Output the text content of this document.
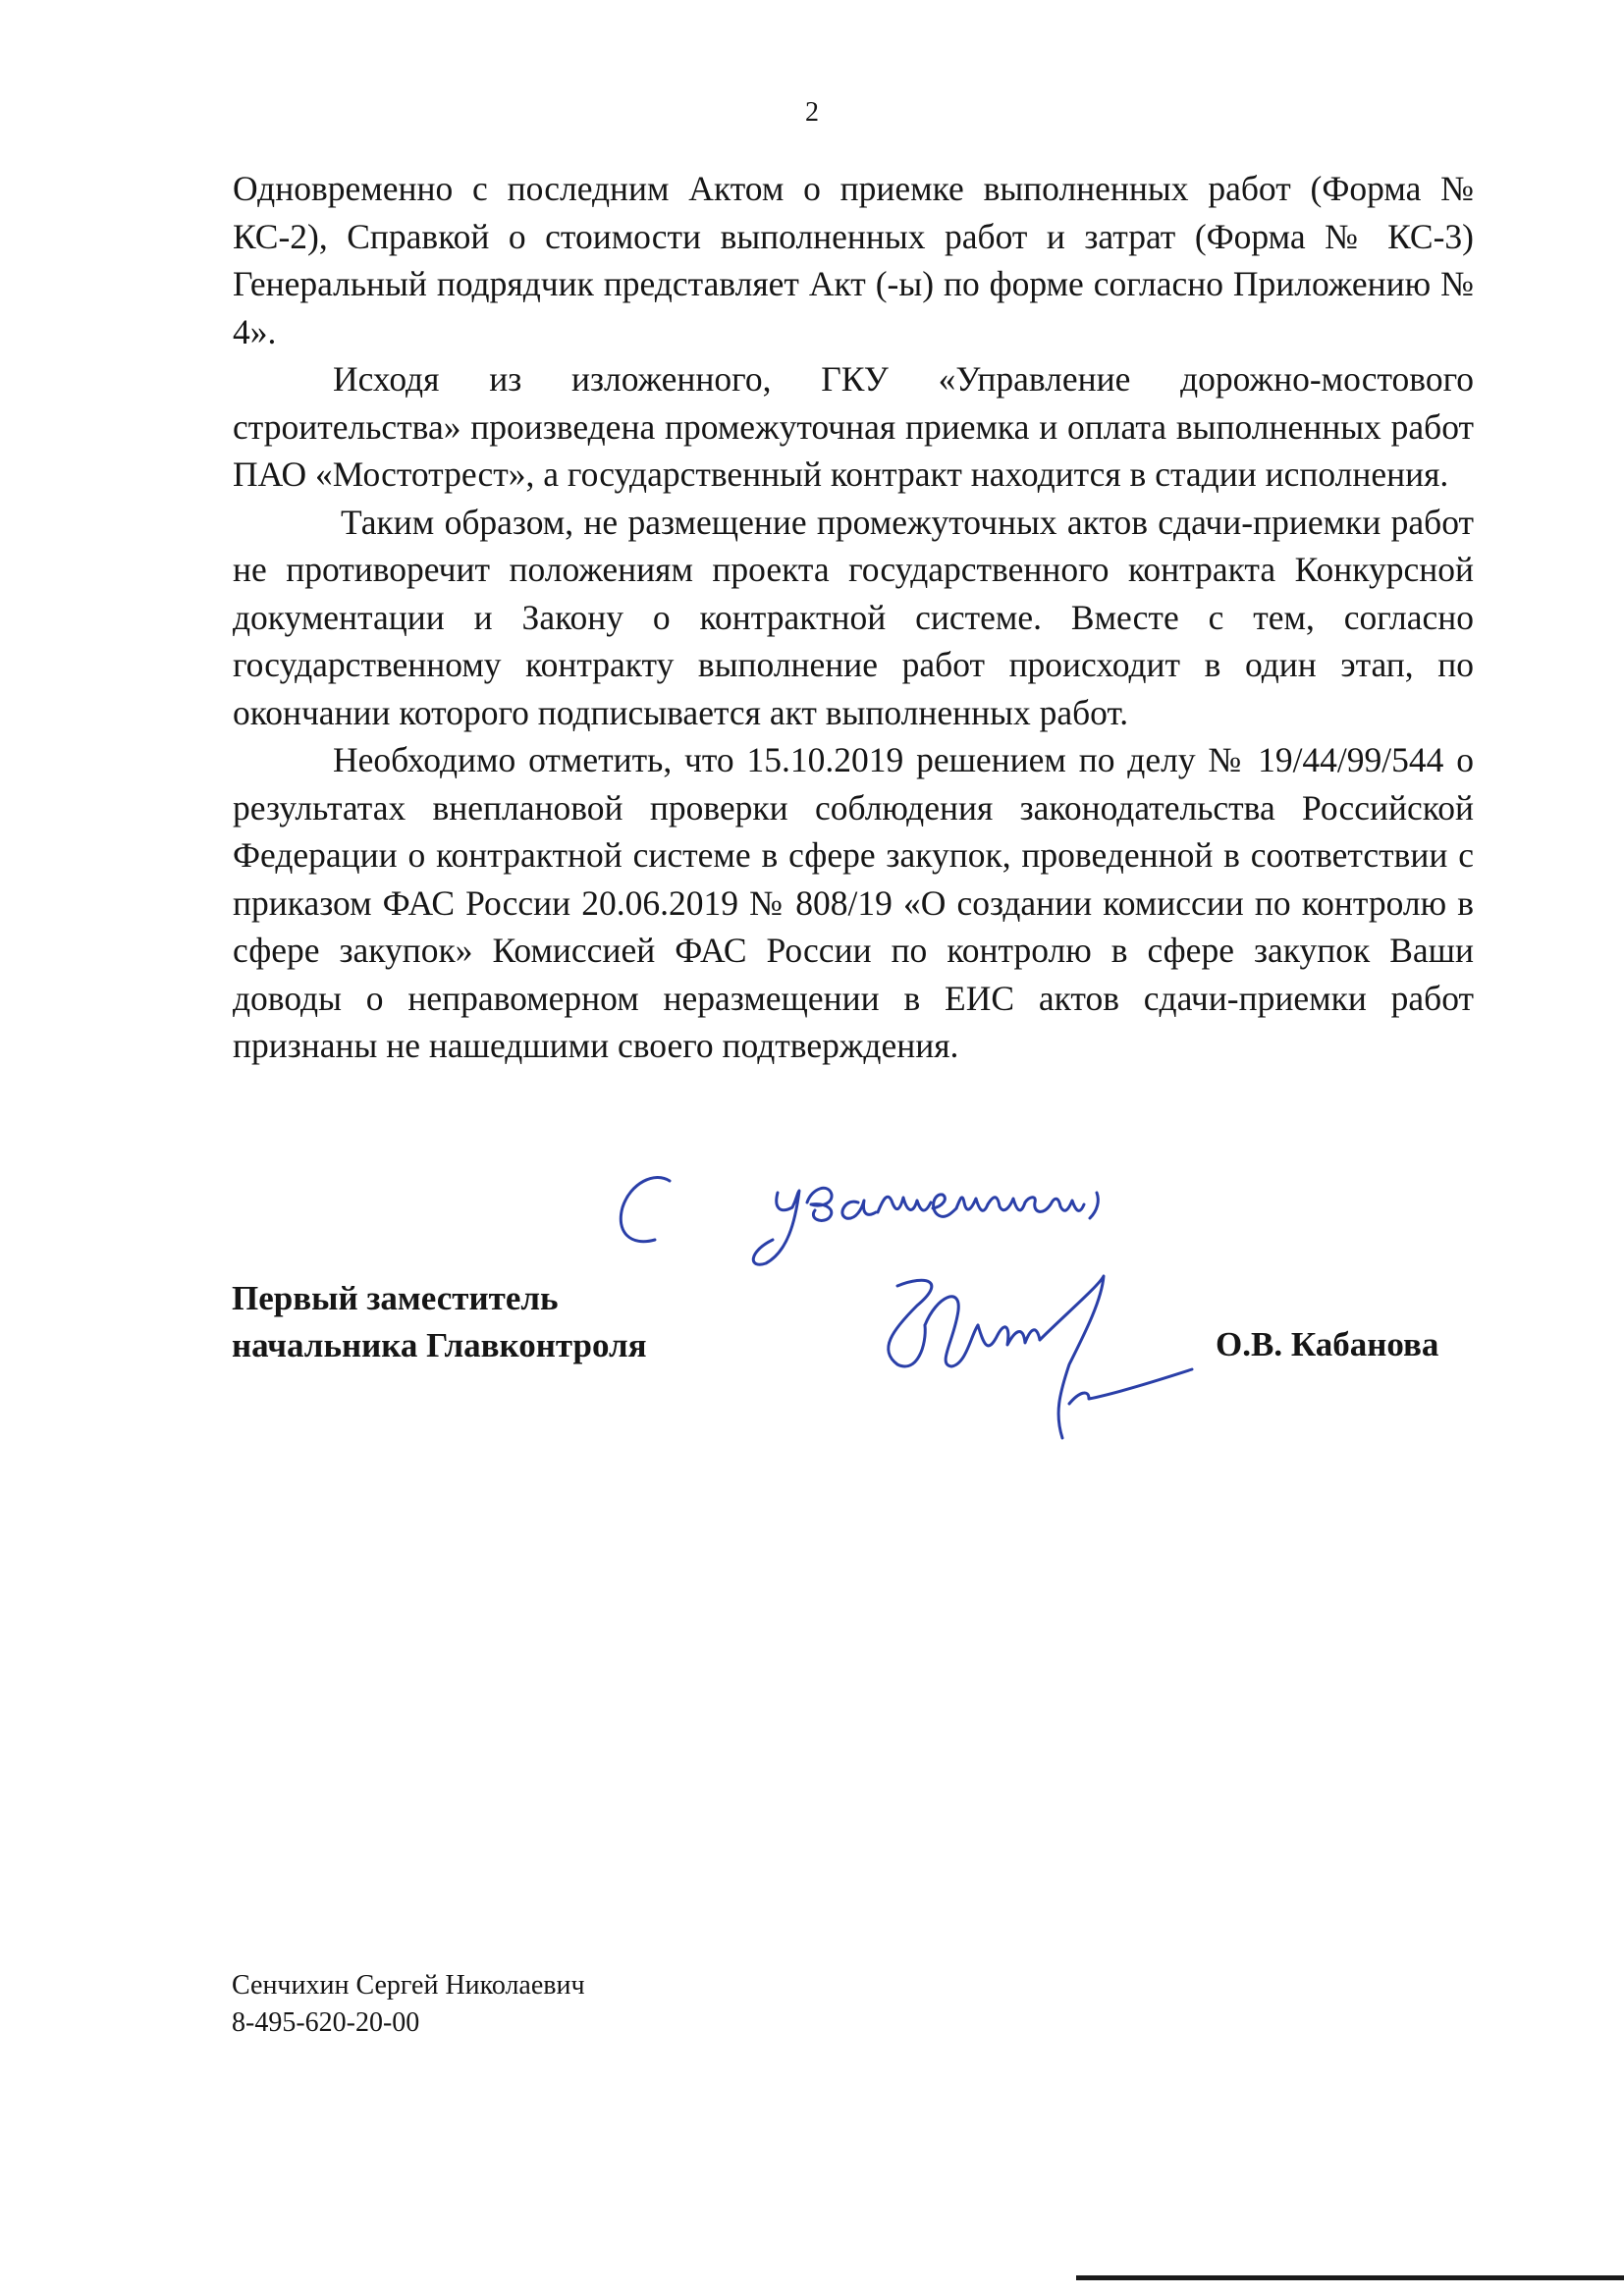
2

Одновременно с последним Актом о приемке выполненных работ (Форма № КС-2), Справкой о стоимости выполненных работ и затрат (Форма № КС-3) Генеральный подрядчик представляет Акт (-ы) по форме согласно Приложению № 4».

Исходя из изложенного, ГКУ «Управление дорожно-мостового строительства» произведена промежуточная приемка и оплата выполненных работ ПАО «Мостотрест», а государственный контракт находится в стадии исполнения.

Таким образом, не размещение промежуточных актов сдачи-приемки работ не противоречит положениям проекта государственного контракта Конкурсной документации и Закону о контрактной системе. Вместе с тем, согласно государственному контракту выполнение работ происходит в один этап, по окончании которого подписывается акт выполненных работ.

Необходимо отметить, что 15.10.2019 решением по делу № 19/44/99/544 о результатах внеплановой проверки соблюдения законодательства Российской Федерации о контрактной системе в сфере закупок, проведенной в соответствии с приказом ФАС России 20.06.2019 № 808/19 «О создании комиссии по контролю в сфере закупок» Комиссией ФАС России по контролю в сфере закупок Ваши доводы о неправомерном неразмещении в ЕИС актов сдачи-приемки работ признаны не нашедшими своего подтверждения.

Первый заместитель
начальника Главконтроля	О.В. Кабанова
Сенчихин Сергей Николаевич
8-495-620-20-00
